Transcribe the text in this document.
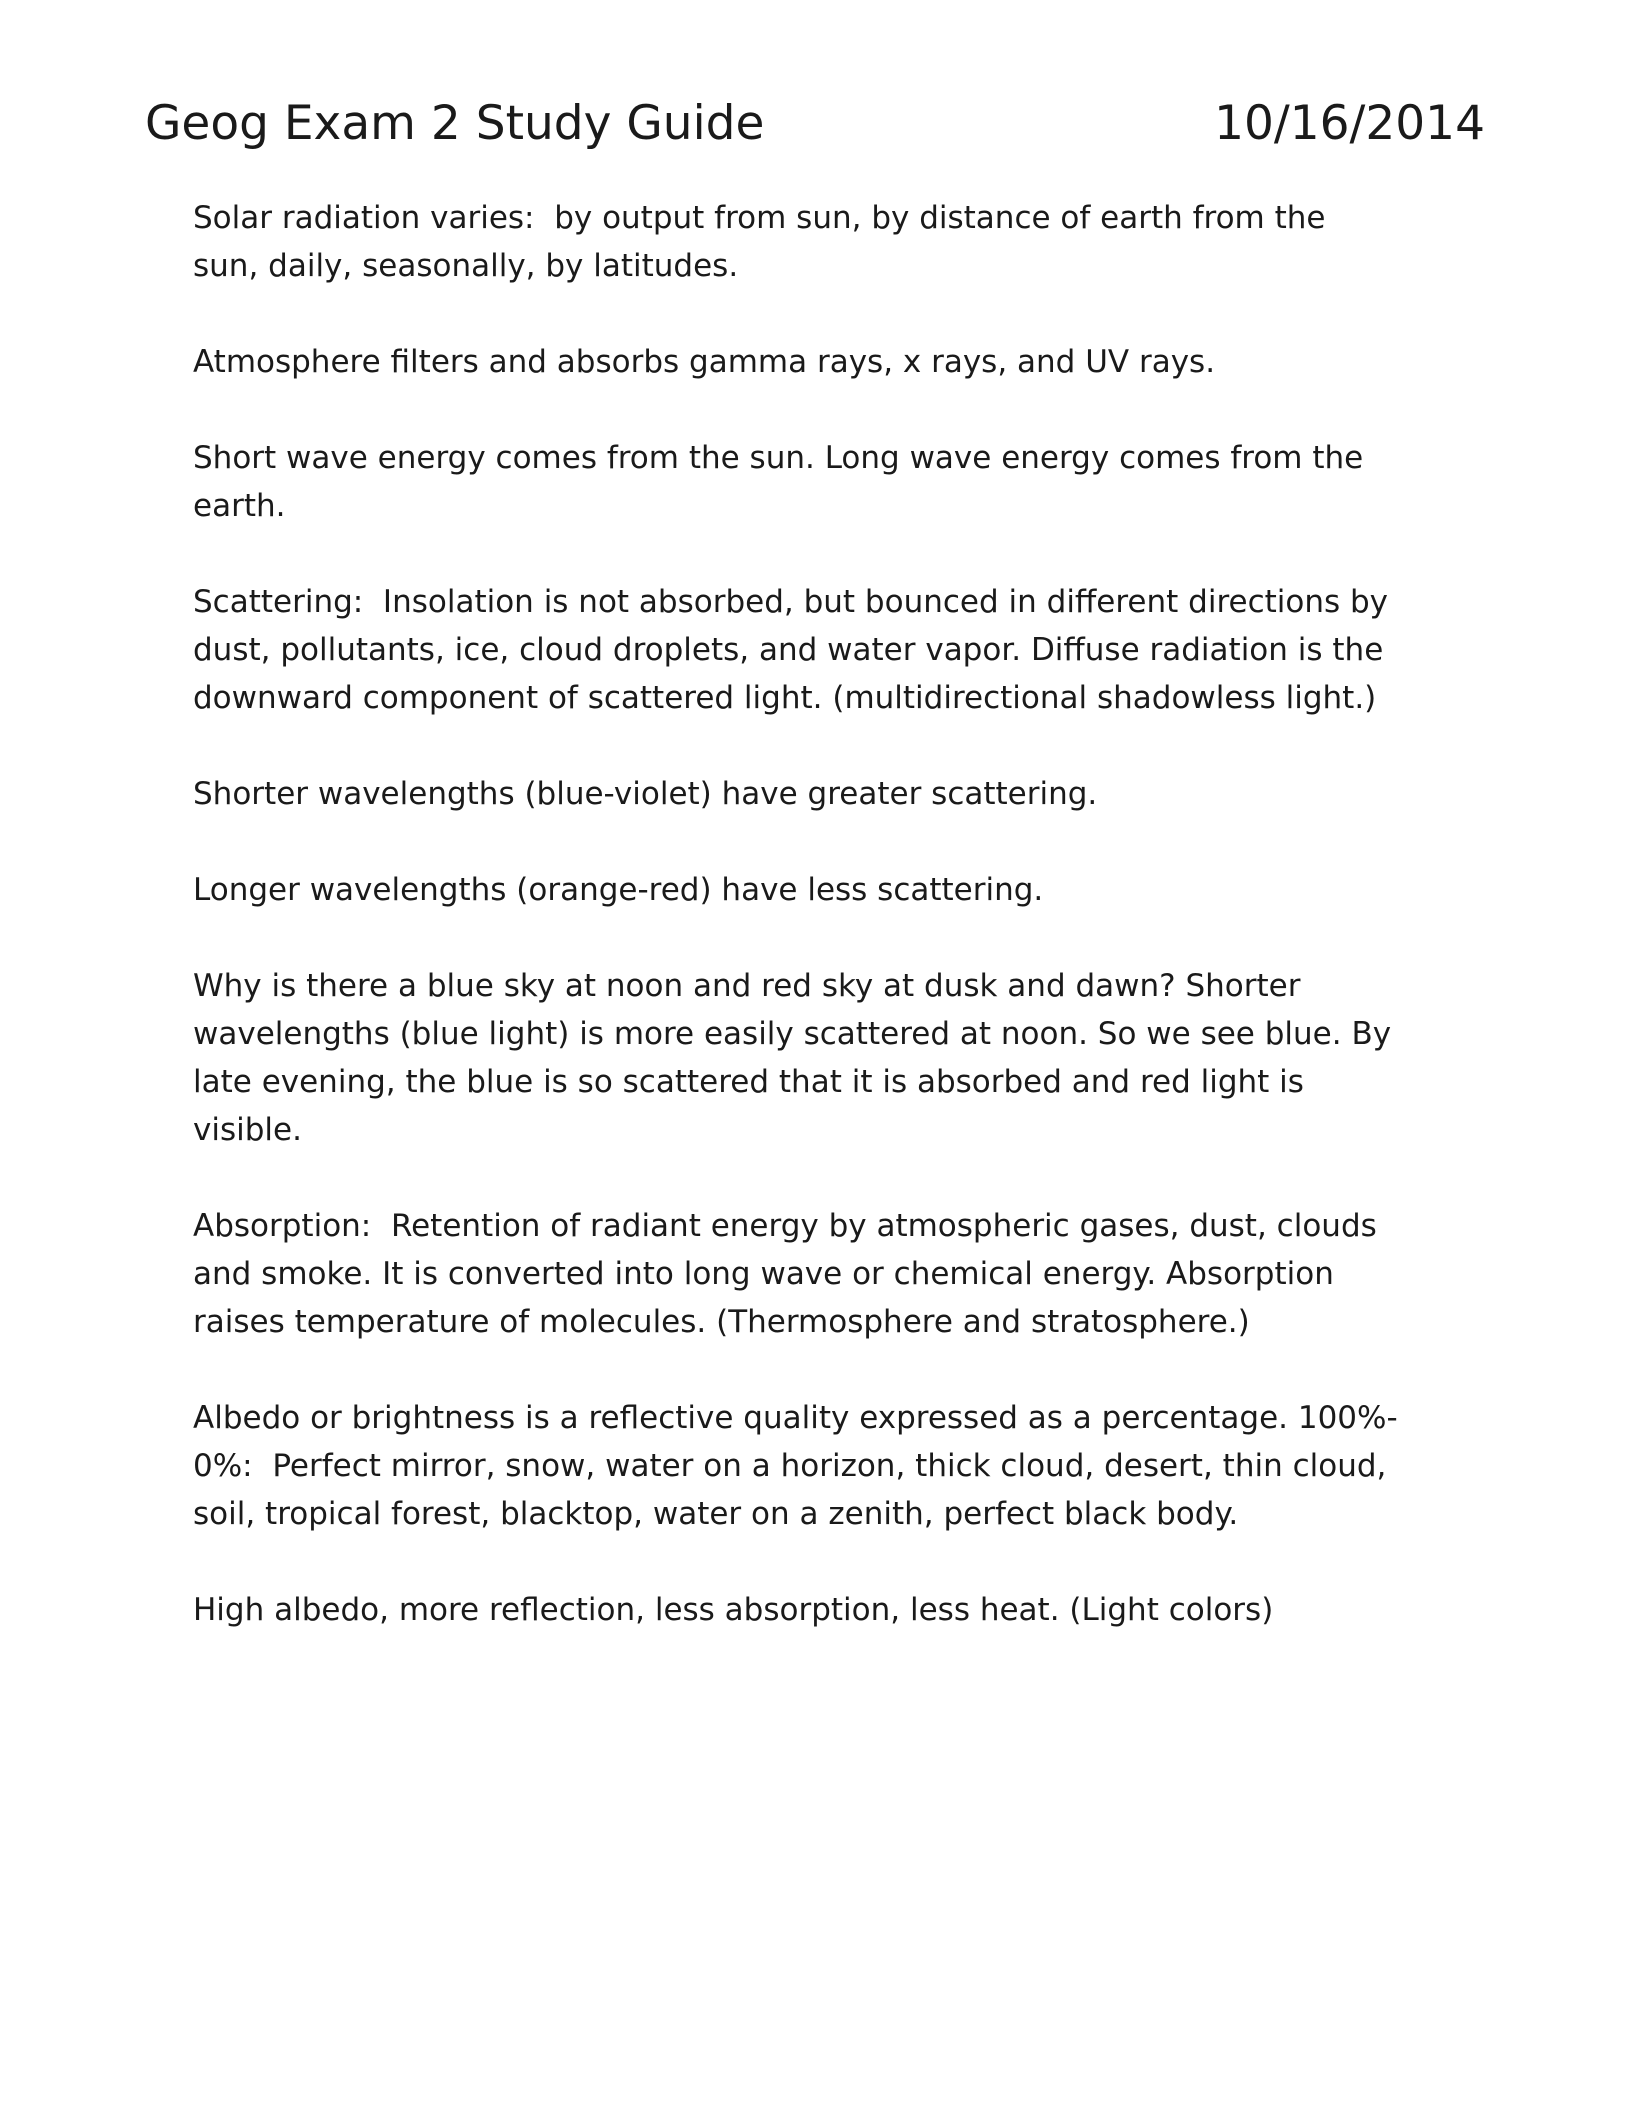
Geog Exam 2 Study Guide	10/16/2014

Solar radiation varies:  by output from sun, by distance of earth from the
sun, daily, seasonally, by latitudes.

Atmosphere filters and absorbs gamma rays, x rays, and UV rays.

Short wave energy comes from the sun. Long wave energy comes from the
earth.

Scattering:  Insolation is not absorbed, but bounced in different directions by
dust, pollutants, ice, cloud droplets, and water vapor. Diffuse radiation is the
downward component of scattered light. (multidirectional shadowless light.)

Shorter wavelengths (blue-violet) have greater scattering.

Longer wavelengths (orange-red) have less scattering.

Why is there a blue sky at noon and red sky at dusk and dawn? Shorter
wavelengths (blue light) is more easily scattered at noon. So we see blue. By
late evening, the blue is so scattered that it is absorbed and red light is
visible.

Absorption:  Retention of radiant energy by atmospheric gases, dust, clouds
and smoke. It is converted into long wave or chemical energy. Absorption
raises temperature of molecules. (Thermosphere and stratosphere.)

Albedo or brightness is a reflective quality expressed as a percentage. 100%-
0%:  Perfect mirror, snow, water on a horizon, thick cloud, desert, thin cloud,
soil, tropical forest, blacktop, water on a zenith, perfect black body.

High albedo, more reflection, less absorption, less heat. (Light colors)
